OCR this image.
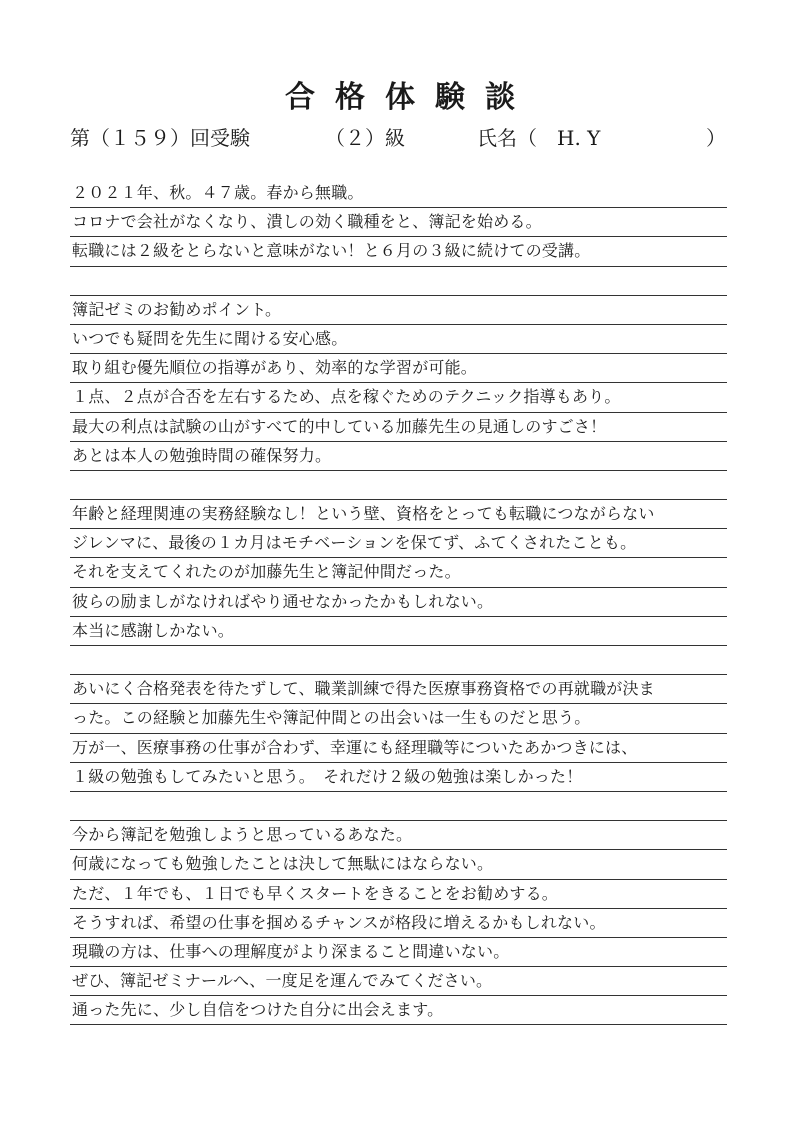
合格体験談
第（１５９）回受験	（２）級	氏名（　H. Y	）
２０２１年、秋。４７歳。春から無職。
コロナで会社がなくなり、潰しの効く職種をと、簿記を始める。
転職には２級をとらないと意味がない！と６月の３級に続けての受講。
簿記ゼミのお勧めポイント。
いつでも疑問を先生に聞ける安心感。
取り組む優先順位の指導があり、効率的な学習が可能。
１点、２点が合否を左右するため、点を稼ぐためのテクニック指導もあり。
最大の利点は試験の山がすべて的中している加藤先生の見通しのすごさ！
あとは本人の勉強時間の確保努力。
年齢と経理関連の実務経験なし！という壁、資格をとっても転職につながらない
ジレンマに、最後の１カ月はモチベーションを保てず、ふてくされたことも。
それを支えてくれたのが加藤先生と簿記仲間だった。
彼らの励ましがなければやり通せなかったかもしれない。
本当に感謝しかない。
あいにく合格発表を待たずして、職業訓練で得た医療事務資格での再就職が決ま
った。この経験と加藤先生や簿記仲間との出会いは一生ものだと思う。
万が一、医療事務の仕事が合わず、幸運にも経理職等についたあかつきには、
１級の勉強もしてみたいと思う。　それだけ２級の勉強は楽しかった！
今から簿記を勉強しようと思っているあなた。
何歳になっても勉強したことは決して無駄にはならない。
ただ、１年でも、１日でも早くスタートをきることをお勧めする。
そうすれば、希望の仕事を掴めるチャンスが格段に増えるかもしれない。
現職の方は、仕事への理解度がより深まること間違いない。
ぜひ、簿記ゼミナールへ、一度足を運んでみてください。
通った先に、少し自信をつけた自分に出会えます。
